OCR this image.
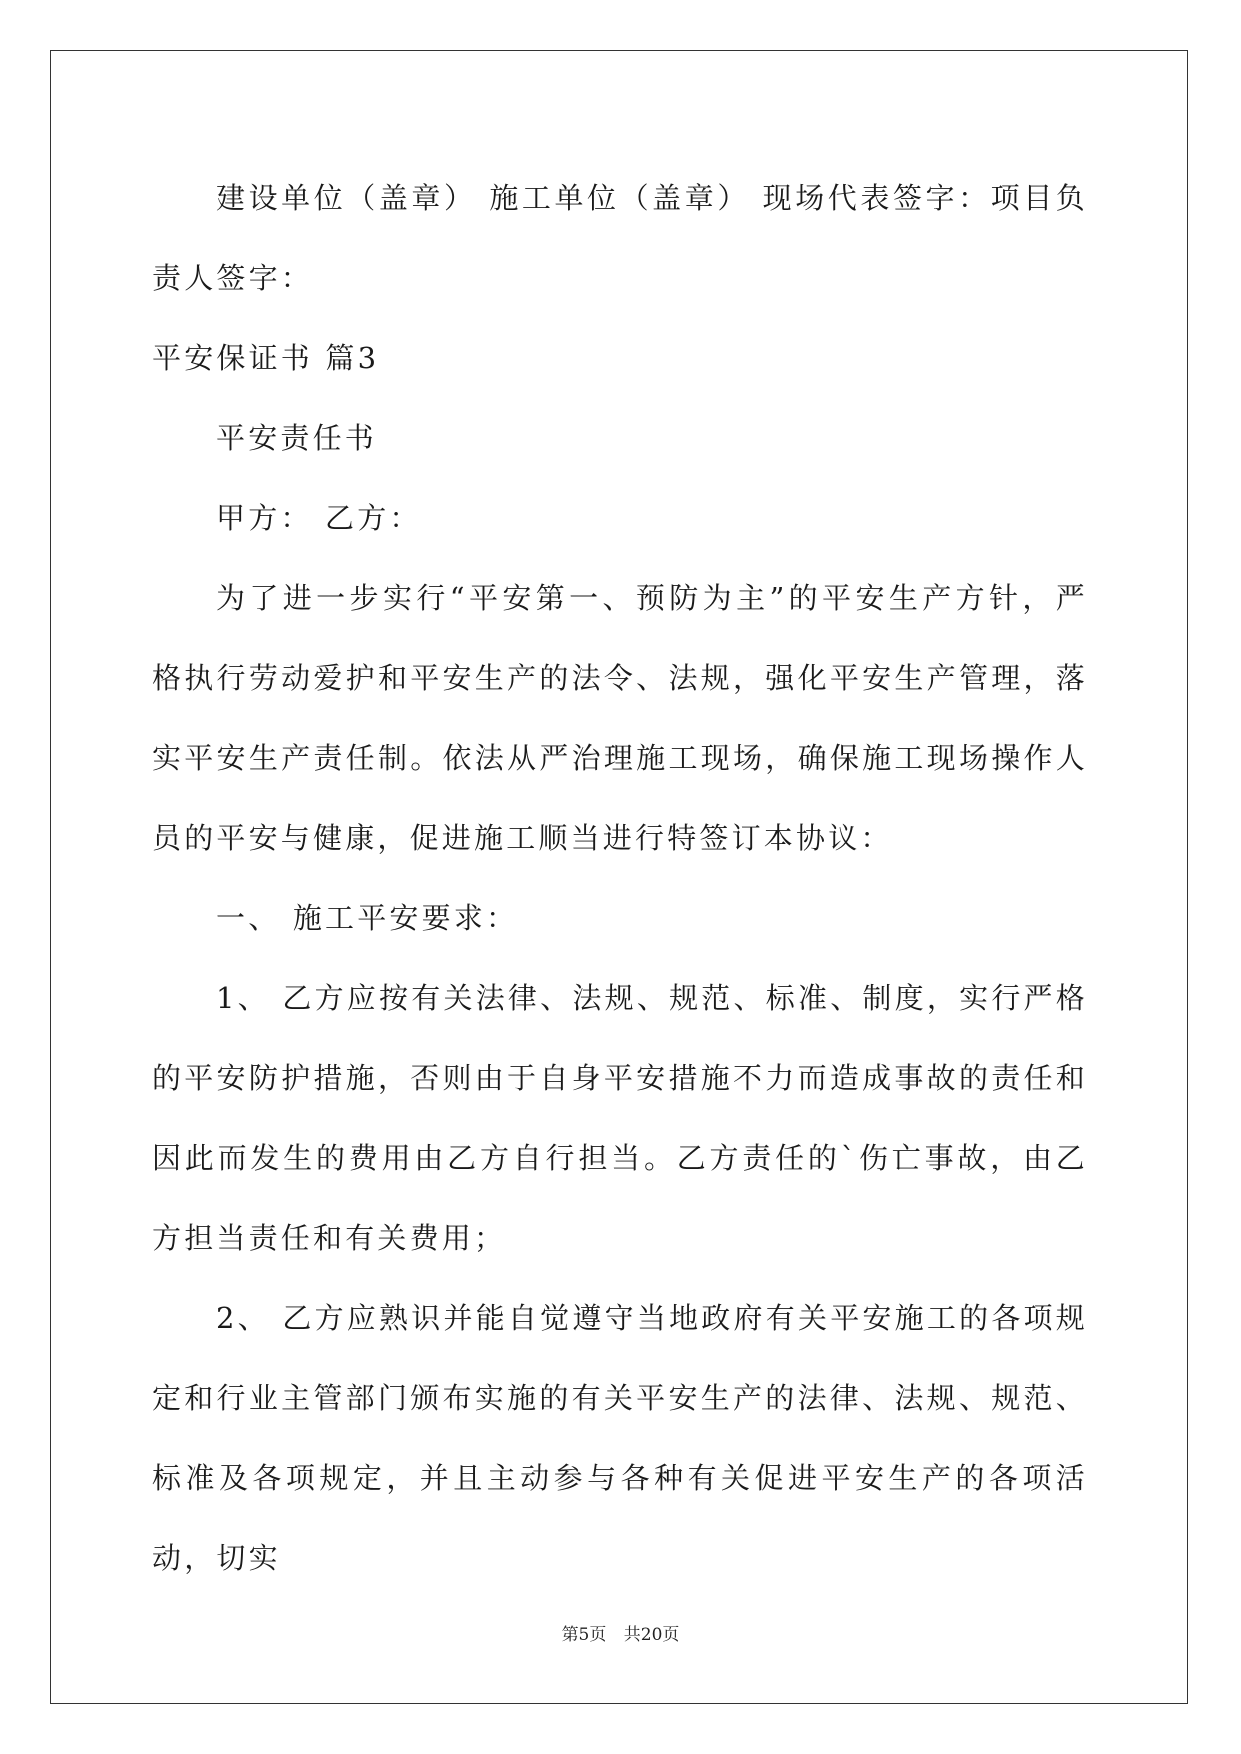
建设单位（盖章） 施工单位（盖章） 现场代表签字：项目负责人签字：

平安保证书 篇3

平安责任书

甲方： 乙方：

为了进一步实行“平安第一、预防为主”的平安生产方针，严格执行劳动爱护和平安生产的法令、法规，强化平安生产管理，落实平安生产责任制。依法从严治理施工现场，确保施工现场操作人员的平安与健康，促进施工顺当进行特签订本协议：

一、 施工平安要求：

1、 乙方应按有关法律、法规、规范、标准、制度，实行严格的平安防护措施，否则由于自身平安措施不力而造成事故的责任和因此而发生的费用由乙方自行担当。乙方责任的`伤亡事故，由乙方担当责任和有关费用；

2、 乙方应熟识并能自觉遵守当地政府有关平安施工的各项规定和行业主管部门颁布实施的有关平安生产的法律、法规、规范、标准及各项规定，并且主动参与各种有关促进平安生产的各项活动，切实

第5页 共20页
